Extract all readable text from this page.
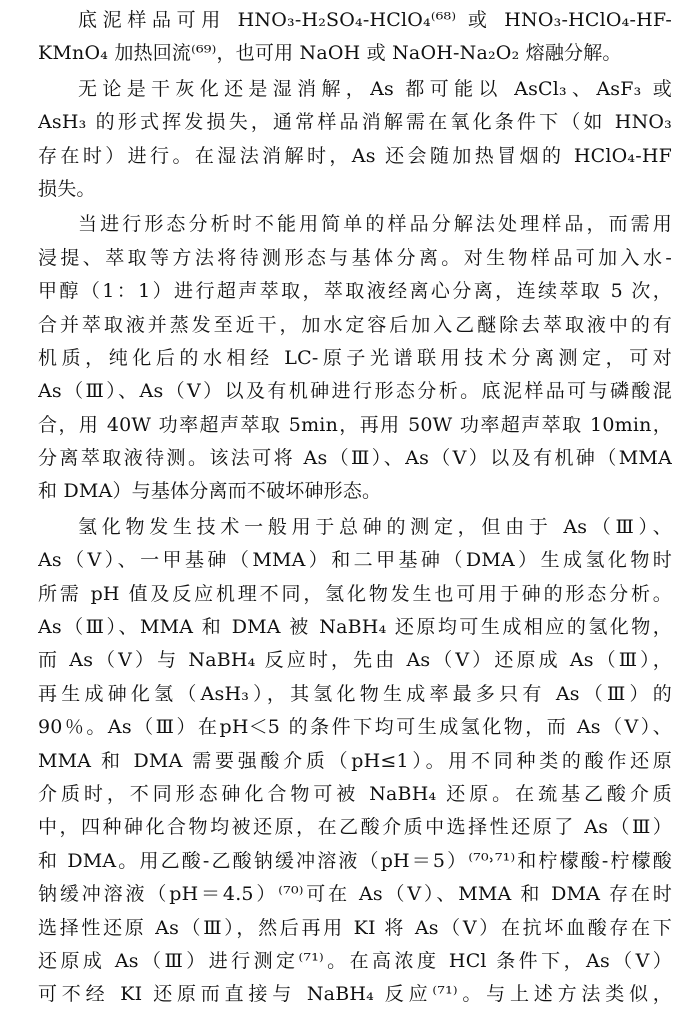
底泥样品可用 HNO₃-H₂SO₄-HClO₄⁽⁶⁸⁾ 或 HNO₃-HClO₄-HF-
KMnO₄ 加热回流⁽⁶⁹⁾，也可用 NaOH 或 NaOH-Na₂O₂ 熔融分解。
无论是干灰化还是湿消解，As 都可能以 AsCl₃、AsF₃ 或
AsH₃ 的形式挥发损失，通常样品消解需在氧化条件下（如 HNO₃
存在时）进行。在湿法消解时，As 还会随加热冒烟的 HClO₄-HF
损失。
当进行形态分析时不能用简单的样品分解法处理样品，而需用
浸提、萃取等方法将待测形态与基体分离。对生物样品可加入水-
甲醇（1：1）进行超声萃取，萃取液经离心分离，连续萃取 5 次，
合并萃取液并蒸发至近干，加水定容后加入乙醚除去萃取液中的有
机质，纯化后的水相经 LC-原子光谱联用技术分离测定，可对
As（Ⅲ）、As（Ⅴ）以及有机砷进行形态分析。底泥样品可与磷酸混
合，用 40W 功率超声萃取 5min，再用 50W 功率超声萃取 10min，
分离萃取液待测。该法可将 As（Ⅲ）、As（Ⅴ）以及有机砷（MMA
和 DMA）与基体分离而不破坏砷形态。
氢化物发生技术一般用于总砷的测定，但由于 As（Ⅲ）、
As（Ⅴ）、一甲基砷（MMA）和二甲基砷（DMA）生成氢化物时
所需 pH 值及反应机理不同，氢化物发生也可用于砷的形态分析。
As（Ⅲ）、MMA 和 DMA 被 NaBH₄ 还原均可生成相应的氢化物，
而 As（Ⅴ）与 NaBH₄ 反应时，先由 As（Ⅴ）还原成 As（Ⅲ），
再生成砷化氢（AsH₃），其氢化物生成率最多只有 As（Ⅲ）的
90％。As（Ⅲ）在pH＜5 的条件下均可生成氢化物，而 As（Ⅴ）、
MMA 和 DMA 需要强酸介质（pH≤1）。用不同种类的酸作还原
介质时，不同形态砷化合物可被 NaBH₄ 还原。在巯基乙酸介质
中，四种砷化合物均被还原，在乙酸介质中选择性还原了 As（Ⅲ）
和 DMA。用乙酸-乙酸钠缓冲溶液（pH＝5）⁽⁷⁰˒⁷¹⁾和柠檬酸-柠檬酸
钠缓冲溶液（pH＝4.5）⁽⁷⁰⁾可在 As（Ⅴ）、MMA 和 DMA 存在时
选择性还原 As（Ⅲ），然后再用 KI 将 As（Ⅴ）在抗坏血酸存在下
还原成 As（Ⅲ）进行测定⁽⁷¹⁾。在高浓度 HCl 条件下，As（Ⅴ）
可不经 KI 还原而直接与 NaBH₄ 反应⁽⁷¹⁾。与上述方法类似，
